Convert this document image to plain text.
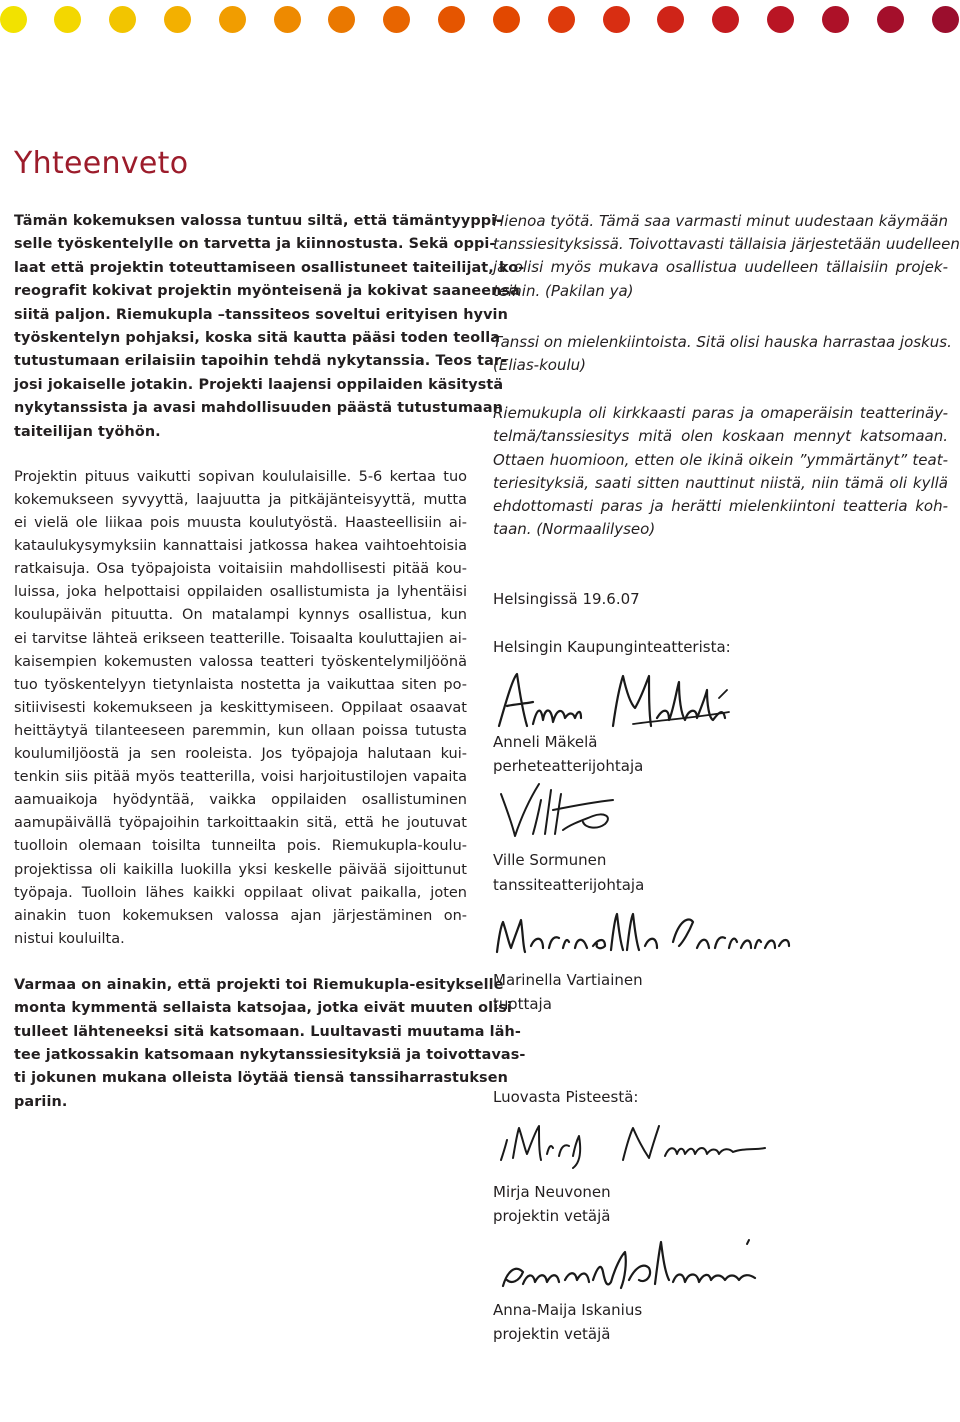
Yhteenveto

Tämän kokemuksen valossa tuntuu siltä, että tämäntyyppi-
selle työskentelylle on tarvetta ja kiinnostusta. Sekä oppi-
laat että projektin toteuttamiseen osallistuneet taiteilijat, ko-
reografit kokivat projektin myönteisenä ja kokivat saaneensa
siitä paljon. Riemukupla –tanssiteos soveltui erityisen hyvin
työskentelyn pohjaksi, koska sitä kautta pääsi toden teolla
tutustumaan erilaisiin tapoihin tehdä nykytanssia. Teos tar-
josi jokaiselle jotakin. Projekti laajensi oppilaiden käsitystä
nykytanssista ja avasi mahdollisuuden päästä tutustumaan
taiteilijan työhön.

Projektin pituus vaikutti sopivan koululaisille. 5-6 kertaa tuo
kokemukseen syvyyttä, laajuutta ja pitkäjänteisyyttä, mutta
ei vielä ole liikaa pois muusta koulutyöstä. Haasteellisiin ai-
kataulukysymyksiin kannattaisi jatkossa hakea vaihtoehtoisia
ratkaisuja. Osa työpajoista voitaisiin mahdollisesti pitää kou-
luissa, joka helpottaisi oppilaiden osallistumista ja lyhentäisi
koulupäivän pituutta. On matalampi kynnys osallistua, kun
ei tarvitse lähteä erikseen teatterille. Toisaalta kouluttajien ai-
kaisempien kokemusten valossa teatteri työskentelymiljöönä
tuo työskentelyyn tietynlaista nostetta ja vaikuttaa siten po-
sitiivisesti kokemukseen ja keskittymiseen. Oppilaat osaavat
heittäytyä tilanteeseen paremmin, kun ollaan poissa tutusta
koulumiljöostä ja sen rooleista. Jos työpajoja halutaan kui-
tenkin siis pitää myös teatterilla, voisi harjoitustilojen vapaita
aamuaikoja hyödyntää, vaikka oppilaiden osallistuminen
aamupäivällä työpajoihin tarkoittaakin sitä, että he joutuvat
tuolloin olemaan toisilta tunneilta pois. Riemukupla-koulu-
projektissa oli kaikilla luokilla yksi keskelle päivää sijoittunut
työpaja. Tuolloin lähes kaikki oppilaat olivat paikalla, joten
ainakin tuon kokemuksen valossa ajan järjestäminen on-
nistui kouluilta.

Varmaa on ainakin, että projekti toi Riemukupla-esitykselle
monta kymmentä sellaista katsojaa, jotka eivät muuten olisi
tulleet lähteneeksi sitä katsomaan. Luultavasti muutama läh-
tee jatkossakin katsomaan nykytanssiesityksiä ja toivottavas-
ti jokunen mukana olleista löytää tiensä tanssiharrastuksen
pariin.

Hienoa työtä. Tämä saa varmasti minut uudestaan käymään
tanssiesityksissä. Toivottavasti tällaisia järjestetään uudelleen
ja olisi myös mukava osallistua uudelleen tällaisiin projek-
teihin. (Pakilan ya)

Tanssi on mielenkiintoista. Sitä olisi hauska harrastaa joskus.
(Elias-koulu)

Riemukupla oli kirkkaasti paras ja omaperäisin teatterinäy-
telmä/tanssiesitys mitä olen koskaan mennyt katsomaan.
Ottaen huomioon, etten ole ikinä oikein ”ymmärtänyt” teat-
teriesityksiä, saati sitten nauttinut niistä, niin tämä oli kyllä
ehdottomasti paras ja herätti mielenkiintoni teatteria koh-
taan. (Normaalilyseo)

Helsingissä 19.6.07
Helsingin Kaupunginteatterista:
Anneli Mäkelä
perheteatterijohtaja
Ville Sormunen
tanssiteatterijohtaja
Marinella Vartiainen
tuottaja
Luovasta Pisteestä:
Mirja Neuvonen
projektin vetäjä
Anna-Maija Iskanius
projektin vetäjä
